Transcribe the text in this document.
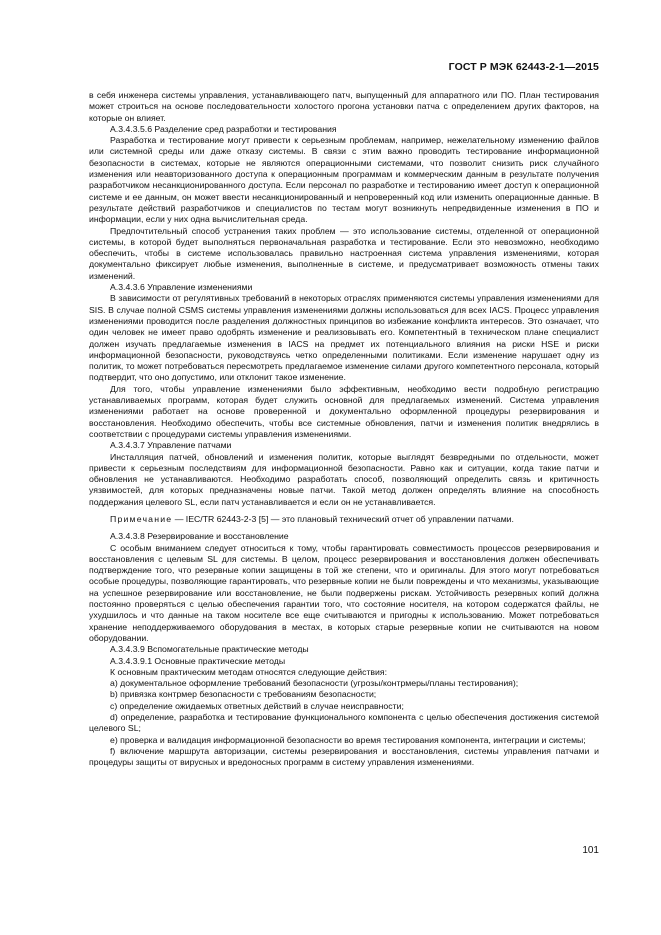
ГОСТ Р МЭК 62443-2-1—2015

в себя инженера системы управления, устанавливающего патч, выпущенный для аппаратного или ПО. План тестирования может строиться на основе последовательности холостого прогона установки патча с определением других факторов, на которые он влияет.

А.3.4.3.5.6 Разделение сред разработки и тестирования

Разработка и тестирование могут привести к серьезным проблемам, например, нежелательному изменению файлов или системной среды или даже отказу системы. В связи с этим важно проводить тестирование информационной безопасности в системах, которые не являются операционными системами, что позволит снизить риск случайного изменения или неавторизованного доступа к операционным программам и коммерческим данным в результате получения разработчиком несанкционированного доступа. Если персонал по разработке и тестированию имеет доступ к операционной системе и ее данным, он может ввести несанкционированный и непроверенный код или изменить операционные данные. В результате действий разработчиков и специалистов по тестам могут возникнуть непредвиденные изменения в ПО и информации, если у них одна вычислительная среда.

Предпочтительный способ устранения таких проблем — это использование системы, отделенной от операционной системы, в которой будет выполняться первоначальная разработка и тестирование. Если это невозможно, необходимо обеспечить, чтобы в системе использовалась правильно настроенная система управления изменениями, которая документально фиксирует любые изменения, выполненные в системе, и предусматривает возможность отмены таких изменений.

А.3.4.3.6 Управление изменениями

В зависимости от регулятивных требований в некоторых отраслях применяются системы управления изменениями для SIS. В случае полной CSMS системы управления изменениями должны использоваться для всех IACS. Процесс управления изменениями проводится после разделения должностных принципов во избежание конфликта интересов. Это означает, что один человек не имеет право одобрять изменение и реализовывать его. Компетентный в техническом плане специалист должен изучать предлагаемые изменения в IACS на предмет их потенциального влияния на риски HSE и риски информационной безопасности, руководствуясь четко определенными политиками. Если изменение нарушает одну из политик, то может потребоваться пересмотреть предлагаемое изменение силами другого компетентного персонала, который подтвердит, что оно допустимо, или отклонит такое изменение.

Для того, чтобы управление изменениями было эффективным, необходимо вести подробную регистрацию устанавливаемых программ, которая будет служить основной для предлагаемых изменений. Система управления изменениями работает на основе проверенной и документально оформленной процедуры резервирования и восстановления. Необходимо обеспечить, чтобы все системные обновления, патчи и изменения политик внедрялись в соответствии с процедурами системы управления изменениями.

А.3.4.3.7 Управление патчами

Инсталляция патчей, обновлений и изменения политик, которые выглядят безвредными по отдельности, может привести к серьезным последствиям для информационной безопасности. Равно как и ситуации, когда такие патчи и обновления не устанавливаются. Необходимо разработать способ, позволяющий определить связь и критичность уязвимостей, для которых предназначены новые патчи. Такой метод должен определять влияние на способность поддержания целевого SL, если патч устанавливается и если он не устанавливается.

Примечание — IEC/TR 62443-2-3 [5] — это плановый технический отчет об управлении патчами.

А.3.4.3.8 Резервирование и восстановление

С особым вниманием следует относиться к тому, чтобы гарантировать совместимость процессов резервирования и восстановления с целевым SL для системы. В целом, процесс резервирования и восстановления должен обеспечивать подтверждение того, что резервные копии защищены в той же степени, что и оригиналы. Для этого могут потребоваться особые процедуры, позволяющие гарантировать, что резервные копии не были повреждены и что механизмы, указывающие на успешное резервирование или восстановление, не были подвержены рискам. Устойчивость резервных копий должна постоянно проверяться с целью обеспечения гарантии того, что состояние носителя, на котором содержатся файлы, не ухудшилось и что данные на таком носителе все еще считываются и пригодны к использованию. Может потребоваться хранение неподдерживаемого оборудования в местах, в которых старые резервные копии не считываются на новом оборудовании.

А.3.4.3.9 Вспомогательные практические методы

А.3.4.3.9.1 Основные практические методы

К основным практическим методам относятся следующие действия:

а) документальное оформление требований безопасности (угрозы/контрмеры/планы тестирования);

b) привязка контрмер безопасности с требованиям безопасности;

с) определение ожидаемых ответных действий в случае неисправности;

d) определение, разработка и тестирование функционального компонента с целью обеспечения достижения системой целевого SL;

е) проверка и валидация информационной безопасности во время тестирования компонента, интеграции и системы;

f) включение маршрута авторизации, системы резервирования и восстановления, системы управления патчами и процедуры защиты от вирусных и вредоносных программ в систему управления изменениями.

101
